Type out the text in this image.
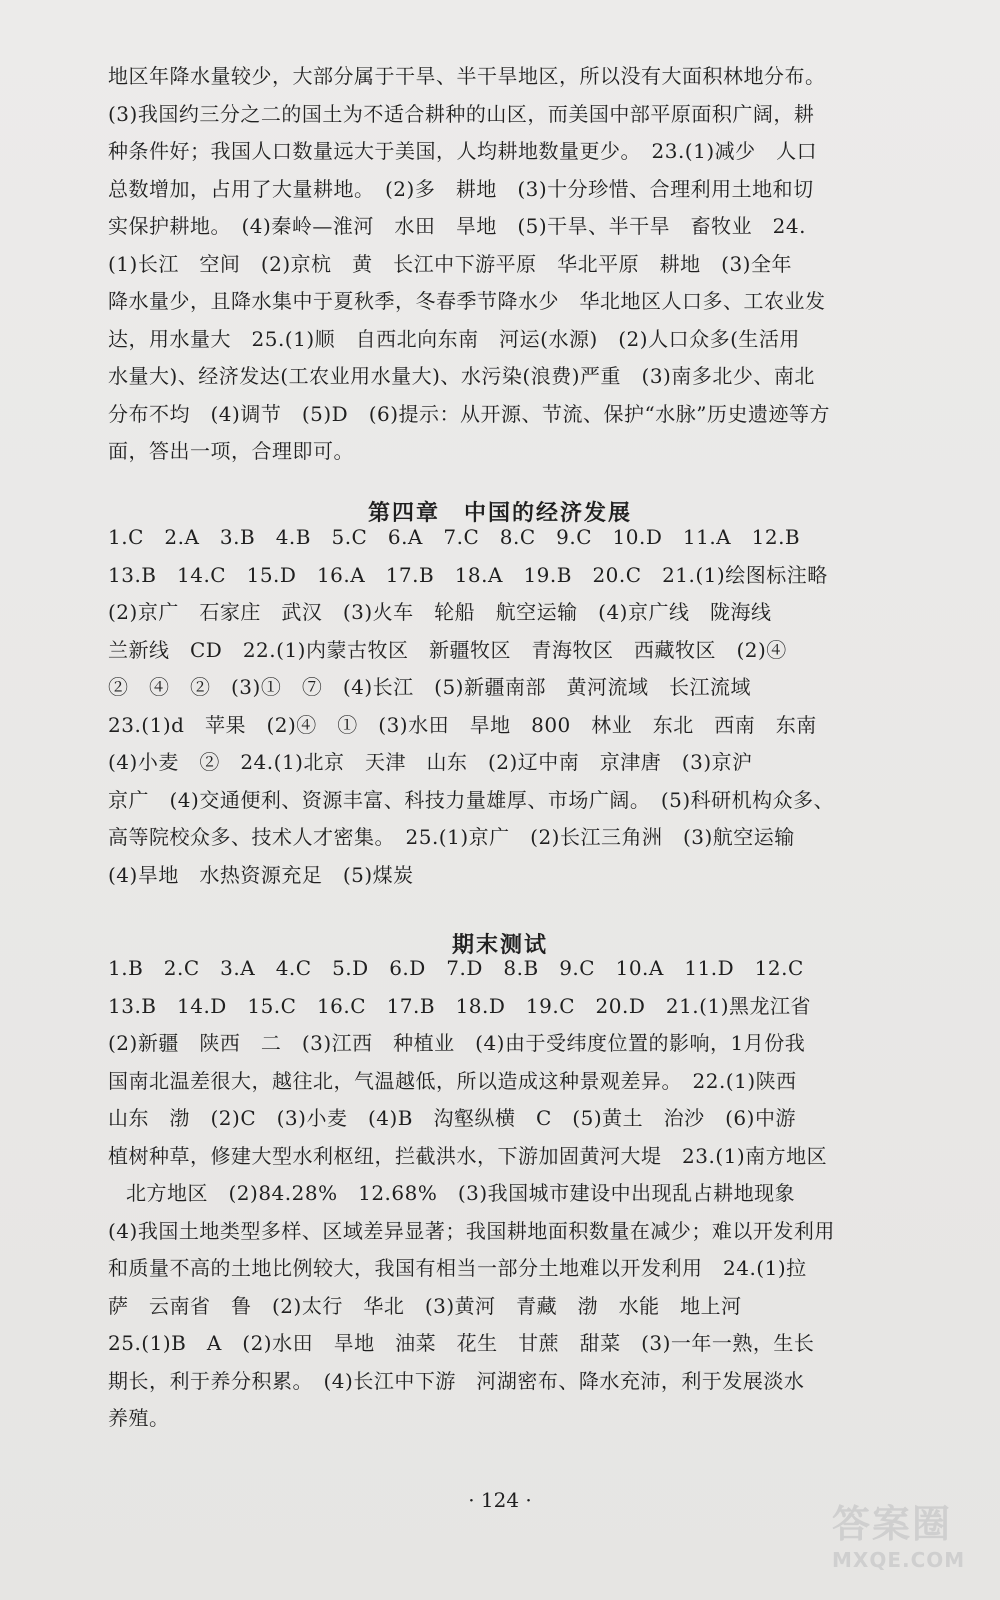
地区年降水量较少，大部分属于干旱、半干旱地区，所以没有大面积林地分布。
(3)我国约三分之二的国土为不适合耕种的山区，而美国中部平原面积广阔，耕
种条件好；我国人口数量远大于美国，人均耕地数量更少。　23.(1)减少　人口
总数增加，占用了大量耕地。　(2)多　耕地　(3)十分珍惜、合理利用土地和切
实保护耕地。　(4)秦岭—淮河　水田　旱地　(5)干旱、半干旱　畜牧业　24.
(1)长江　空间　(2)京杭　黄　长江中下游平原　华北平原　耕地　(3)全年
降水量少，且降水集中于夏秋季，冬春季节降水少　华北地区人口多、工农业发
达，用水量大　25.(1)顺　自西北向东南　河运(水源)　(2)人口众多(生活用
水量大)、经济发达(工农业用水量大)、水污染(浪费)严重　(3)南多北少、南北
分布不均　(4)调节　(5)D　(6)提示：从开源、节流、保护“水脉”历史遗迹等方
面，答出一项，合理即可。
第四章　中国的经济发展
1.C　2.A　3.B　4.B　5.C　6.A　7.C　8.C　9.C　10.D　11.A　12.B
13.B　14.C　15.D　16.A　17.B　18.A　19.B　20.C　21.(1)绘图标注略
(2)京广　石家庄　武汉　(3)火车　轮船　航空运输　(4)京广线　陇海线
兰新线　CD　22.(1)内蒙古牧区　新疆牧区　青海牧区　西藏牧区　(2)④
②　④　②　(3)①　⑦　(4)长江　(5)新疆南部　黄河流域　长江流域
23.(1)d　苹果　(2)④　①　(3)水田　旱地　800　林业　东北　西南　东南
(4)小麦　②　24.(1)北京　天津　山东　(2)辽中南　京津唐　(3)京沪
京广　(4)交通便利、资源丰富、科技力量雄厚、市场广阔。　(5)科研机构众多、
高等院校众多、技术人才密集。　25.(1)京广　(2)长江三角洲　(3)航空运输
(4)旱地　水热资源充足　(5)煤炭
期末测试
1.B　2.C　3.A　4.C　5.D　6.D　7.D　8.B　9.C　10.A　11.D　12.C
13.B　14.D　15.C　16.C　17.B　18.D　19.C　20.D　21.(1)黑龙江省
(2)新疆　陕西　二　(3)江西　种植业　(4)由于受纬度位置的影响，1月份我
国南北温差很大，越往北，气温越低，所以造成这种景观差异。　22.(1)陕西
山东　渤　(2)C　(3)小麦　(4)B　沟壑纵横　C　(5)黄土　治沙　(6)中游
植树种草，修建大型水利枢纽，拦截洪水，下游加固黄河大堤　23.(1)南方地区
北方地区　(2)84.28%　12.68%　(3)我国城市建设中出现乱占耕地现象
(4)我国土地类型多样、区域差异显著；我国耕地面积数量在减少；难以开发利用
和质量不高的土地比例较大，我国有相当一部分土地难以开发利用　24.(1)拉
萨　云南省　鲁　(2)太行　华北　(3)黄河　青藏　渤　水能　地上河
25.(1)B　A　(2)水田　旱地　油菜　花生　甘蔗　甜菜　(3)一年一熟，生长
期长，利于养分积累。　(4)长江中下游　河湖密布、降水充沛，利于发展淡水
养殖。
· 124 ·
答案圈
MXQE.COM
